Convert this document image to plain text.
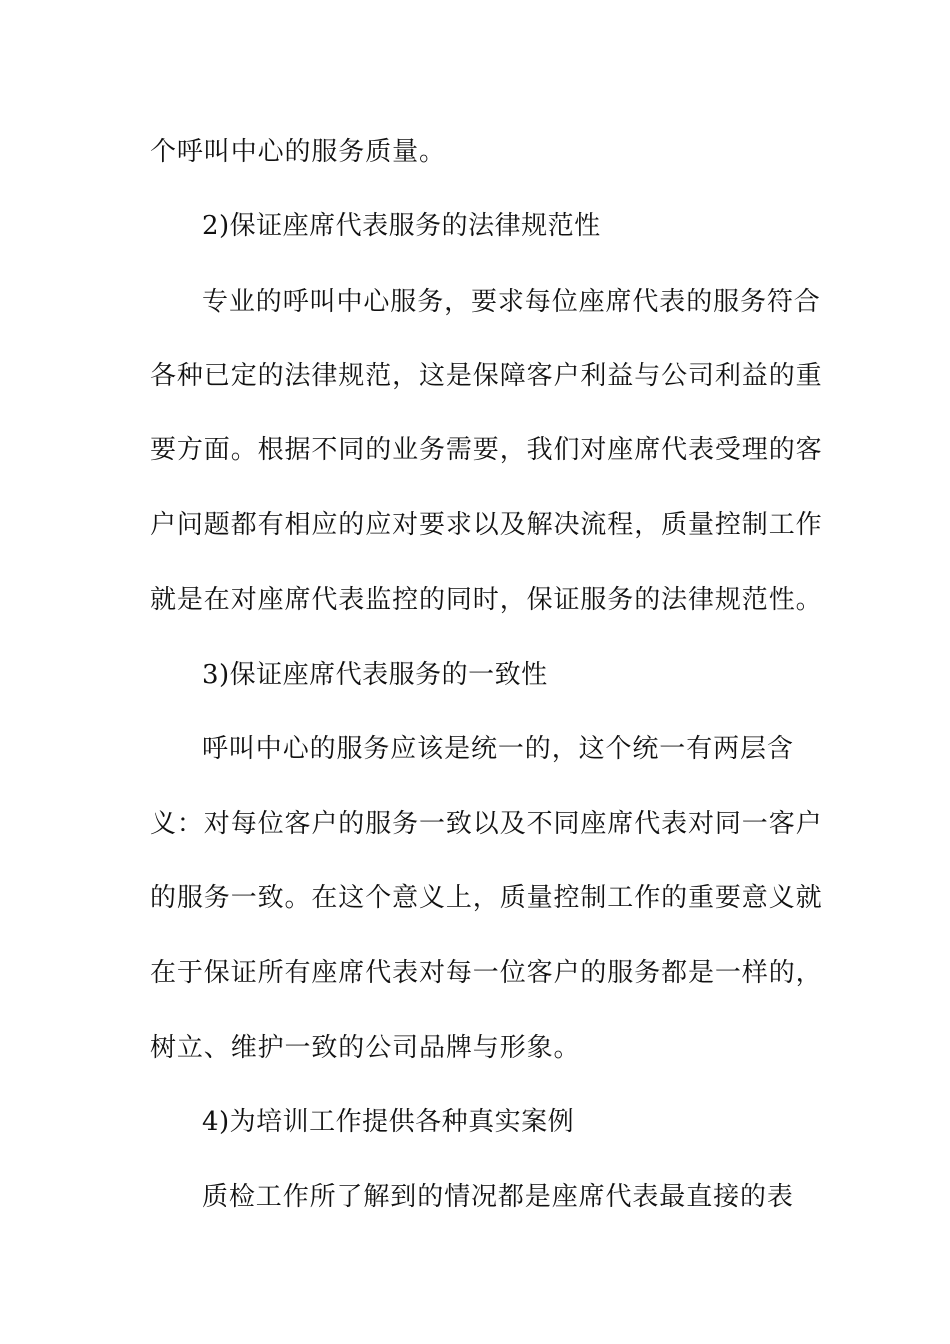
个呼叫中心的服务质量。
2)保证座席代表服务的法律规范性
专业的呼叫中心服务，要求每位座席代表的服务符合
各种已定的法律规范，这是保障客户利益与公司利益的重
要方面。根据不同的业务需要，我们对座席代表受理的客
户问题都有相应的应对要求以及解决流程，质量控制工作
就是在对座席代表监控的同时，保证服务的法律规范性。
3)保证座席代表服务的一致性
呼叫中心的服务应该是统一的，这个统一有两层含
义：对每位客户的服务一致以及不同座席代表对同一客户
的服务一致。在这个意义上，质量控制工作的重要意义就
在于保证所有座席代表对每一位客户的服务都是一样的，
树立、维护一致的公司品牌与形象。
4)为培训工作提供各种真实案例
质检工作所了解到的情况都是座席代表最直接的表
